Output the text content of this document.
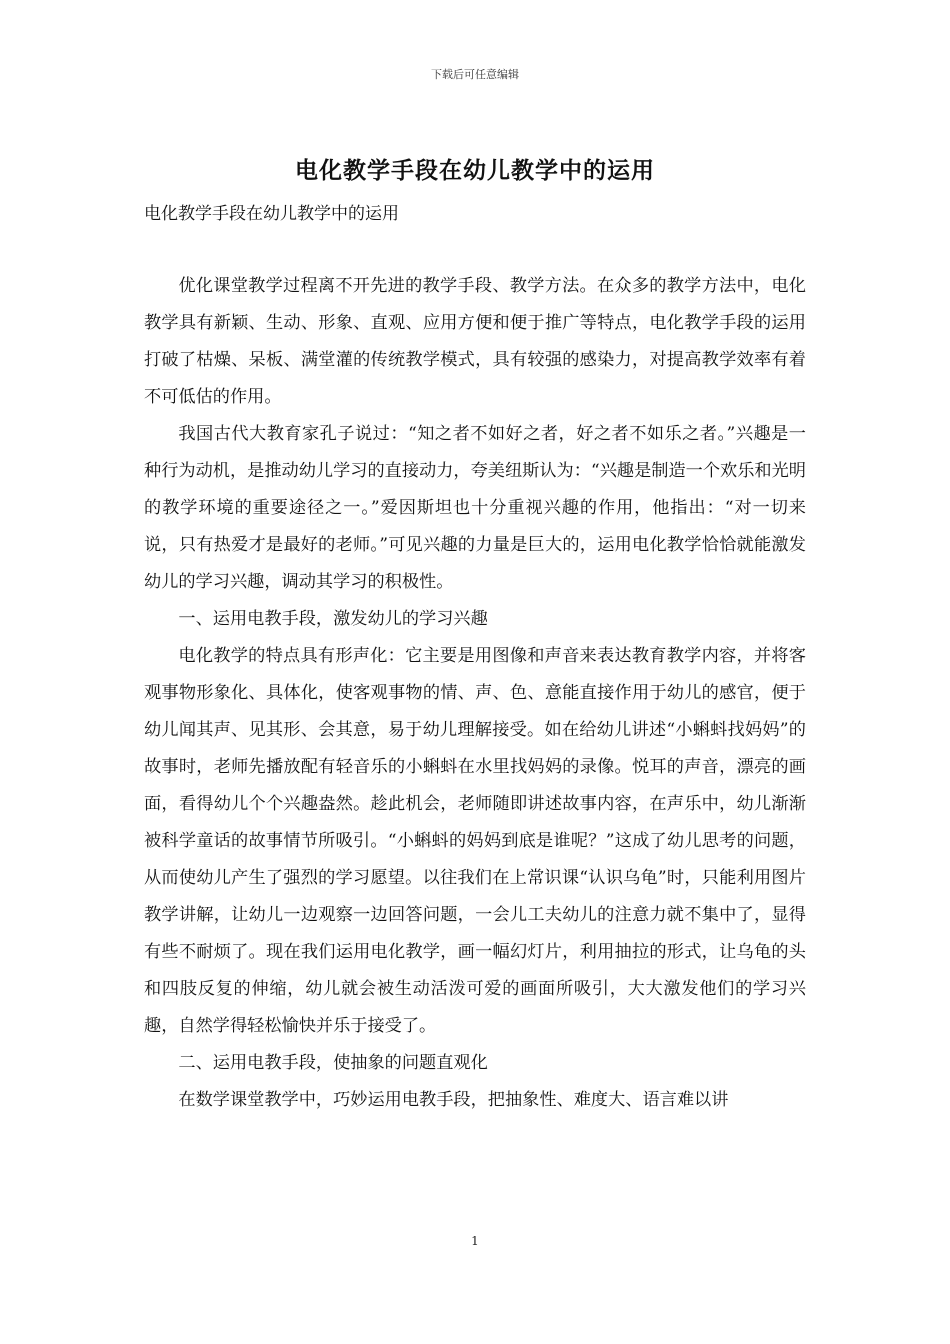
下载后可任意编辑
电化教学手段在幼儿教学中的运用
电化教学手段在幼儿教学中的运用

优化课堂教学过程离不开先进的教学手段、教学方法。在众多的教学方法中，电化教学具有新颖、生动、形象、直观、应用方便和便于推广等特点，电化教学手段的运用打破了枯燥、呆板、满堂灌的传统教学模式，具有较强的感染力，对提高教学效率有着不可低估的作用。

我国古代大教育家孔子说过：“知之者不如好之者，好之者不如乐之者。”兴趣是一种行为动机，是推动幼儿学习的直接动力，夸美纽斯认为：“兴趣是制造一个欢乐和光明的教学环境的重要途径之一。”爱因斯坦也十分重视兴趣的作用，他指出：“对一切来说，只有热爱才是最好的老师。”可见兴趣的力量是巨大的，运用电化教学恰恰就能激发幼儿的学习兴趣，调动其学习的积极性。

一、运用电教手段，激发幼儿的学习兴趣

电化教学的特点具有形声化：它主要是用图像和声音来表达教育教学内容，并将客观事物形象化、具体化，使客观事物的情、声、色、意能直接作用于幼儿的感官，便于幼儿闻其声、见其形、会其意，易于幼儿理解接受。如在给幼儿讲述“小蝌蚪找妈妈”的故事时，老师先播放配有轻音乐的小蝌蚪在水里找妈妈的录像。悦耳的声音，漂亮的画面，看得幼儿个个兴趣盎然。趁此机会，老师随即讲述故事内容，在声乐中，幼儿渐渐被科学童话的故事情节所吸引。“小蝌蚪的妈妈到底是谁呢？”这成了幼儿思考的问题，从而使幼儿产生了强烈的学习愿望。以往我们在上常识课“认识乌龟”时，只能利用图片教学讲解，让幼儿一边观察一边回答问题，一会儿工夫幼儿的注意力就不集中了，显得有些不耐烦了。现在我们运用电化教学，画一幅幻灯片，利用抽拉的形式，让乌龟的头和四肢反复的伸缩，幼儿就会被生动活泼可爱的画面所吸引，大大激发他们的学习兴趣，自然学得轻松愉快并乐于接受了。

二、运用电教手段，使抽象的问题直观化

在数学课堂教学中，巧妙运用电教手段，把抽象性、难度大、语言难以讲

1
